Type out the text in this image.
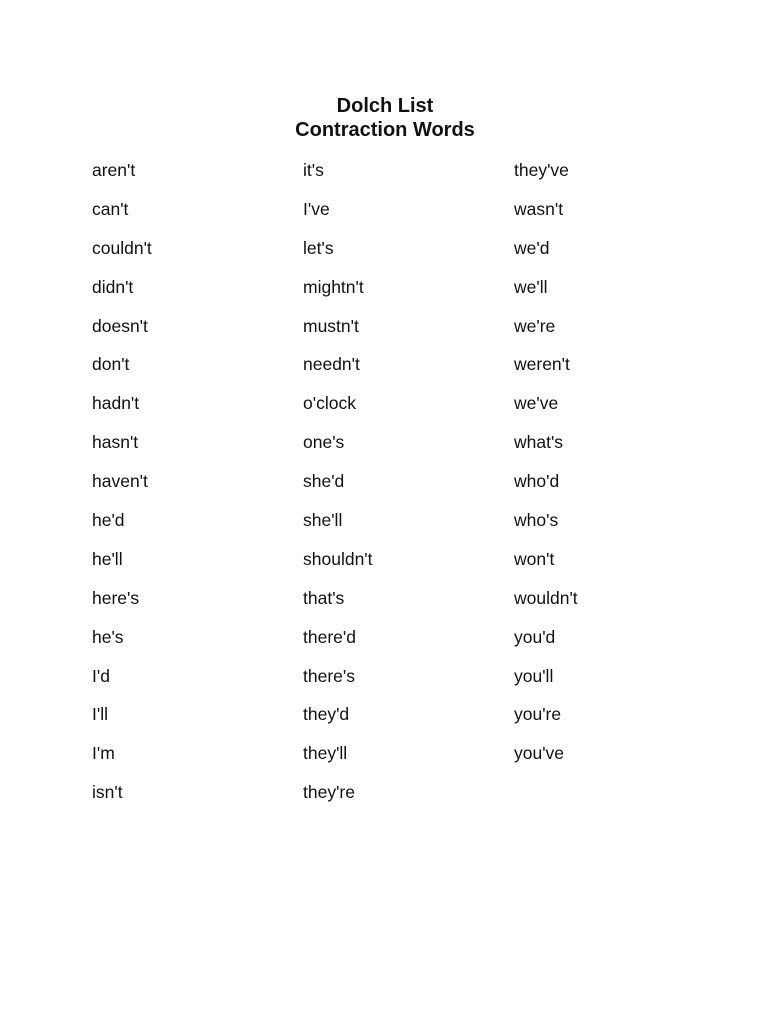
Dolch List
Contraction Words
aren't
can't
couldn't
didn't
doesn't
don't
hadn't
hasn't
haven't
he'd
he'll
here's
he's
I'd
I'll
I'm
isn't
it's
I've
let's
mightn't
mustn't
needn't
o'clock
one's
she'd
she'll
shouldn't
that's
there'd
there's
they'd
they'll
they're
they've
wasn't
we'd
we'll
we're
weren't
we've
what's
who'd
who's
won't
wouldn't
you'd
you'll
you're
you've
